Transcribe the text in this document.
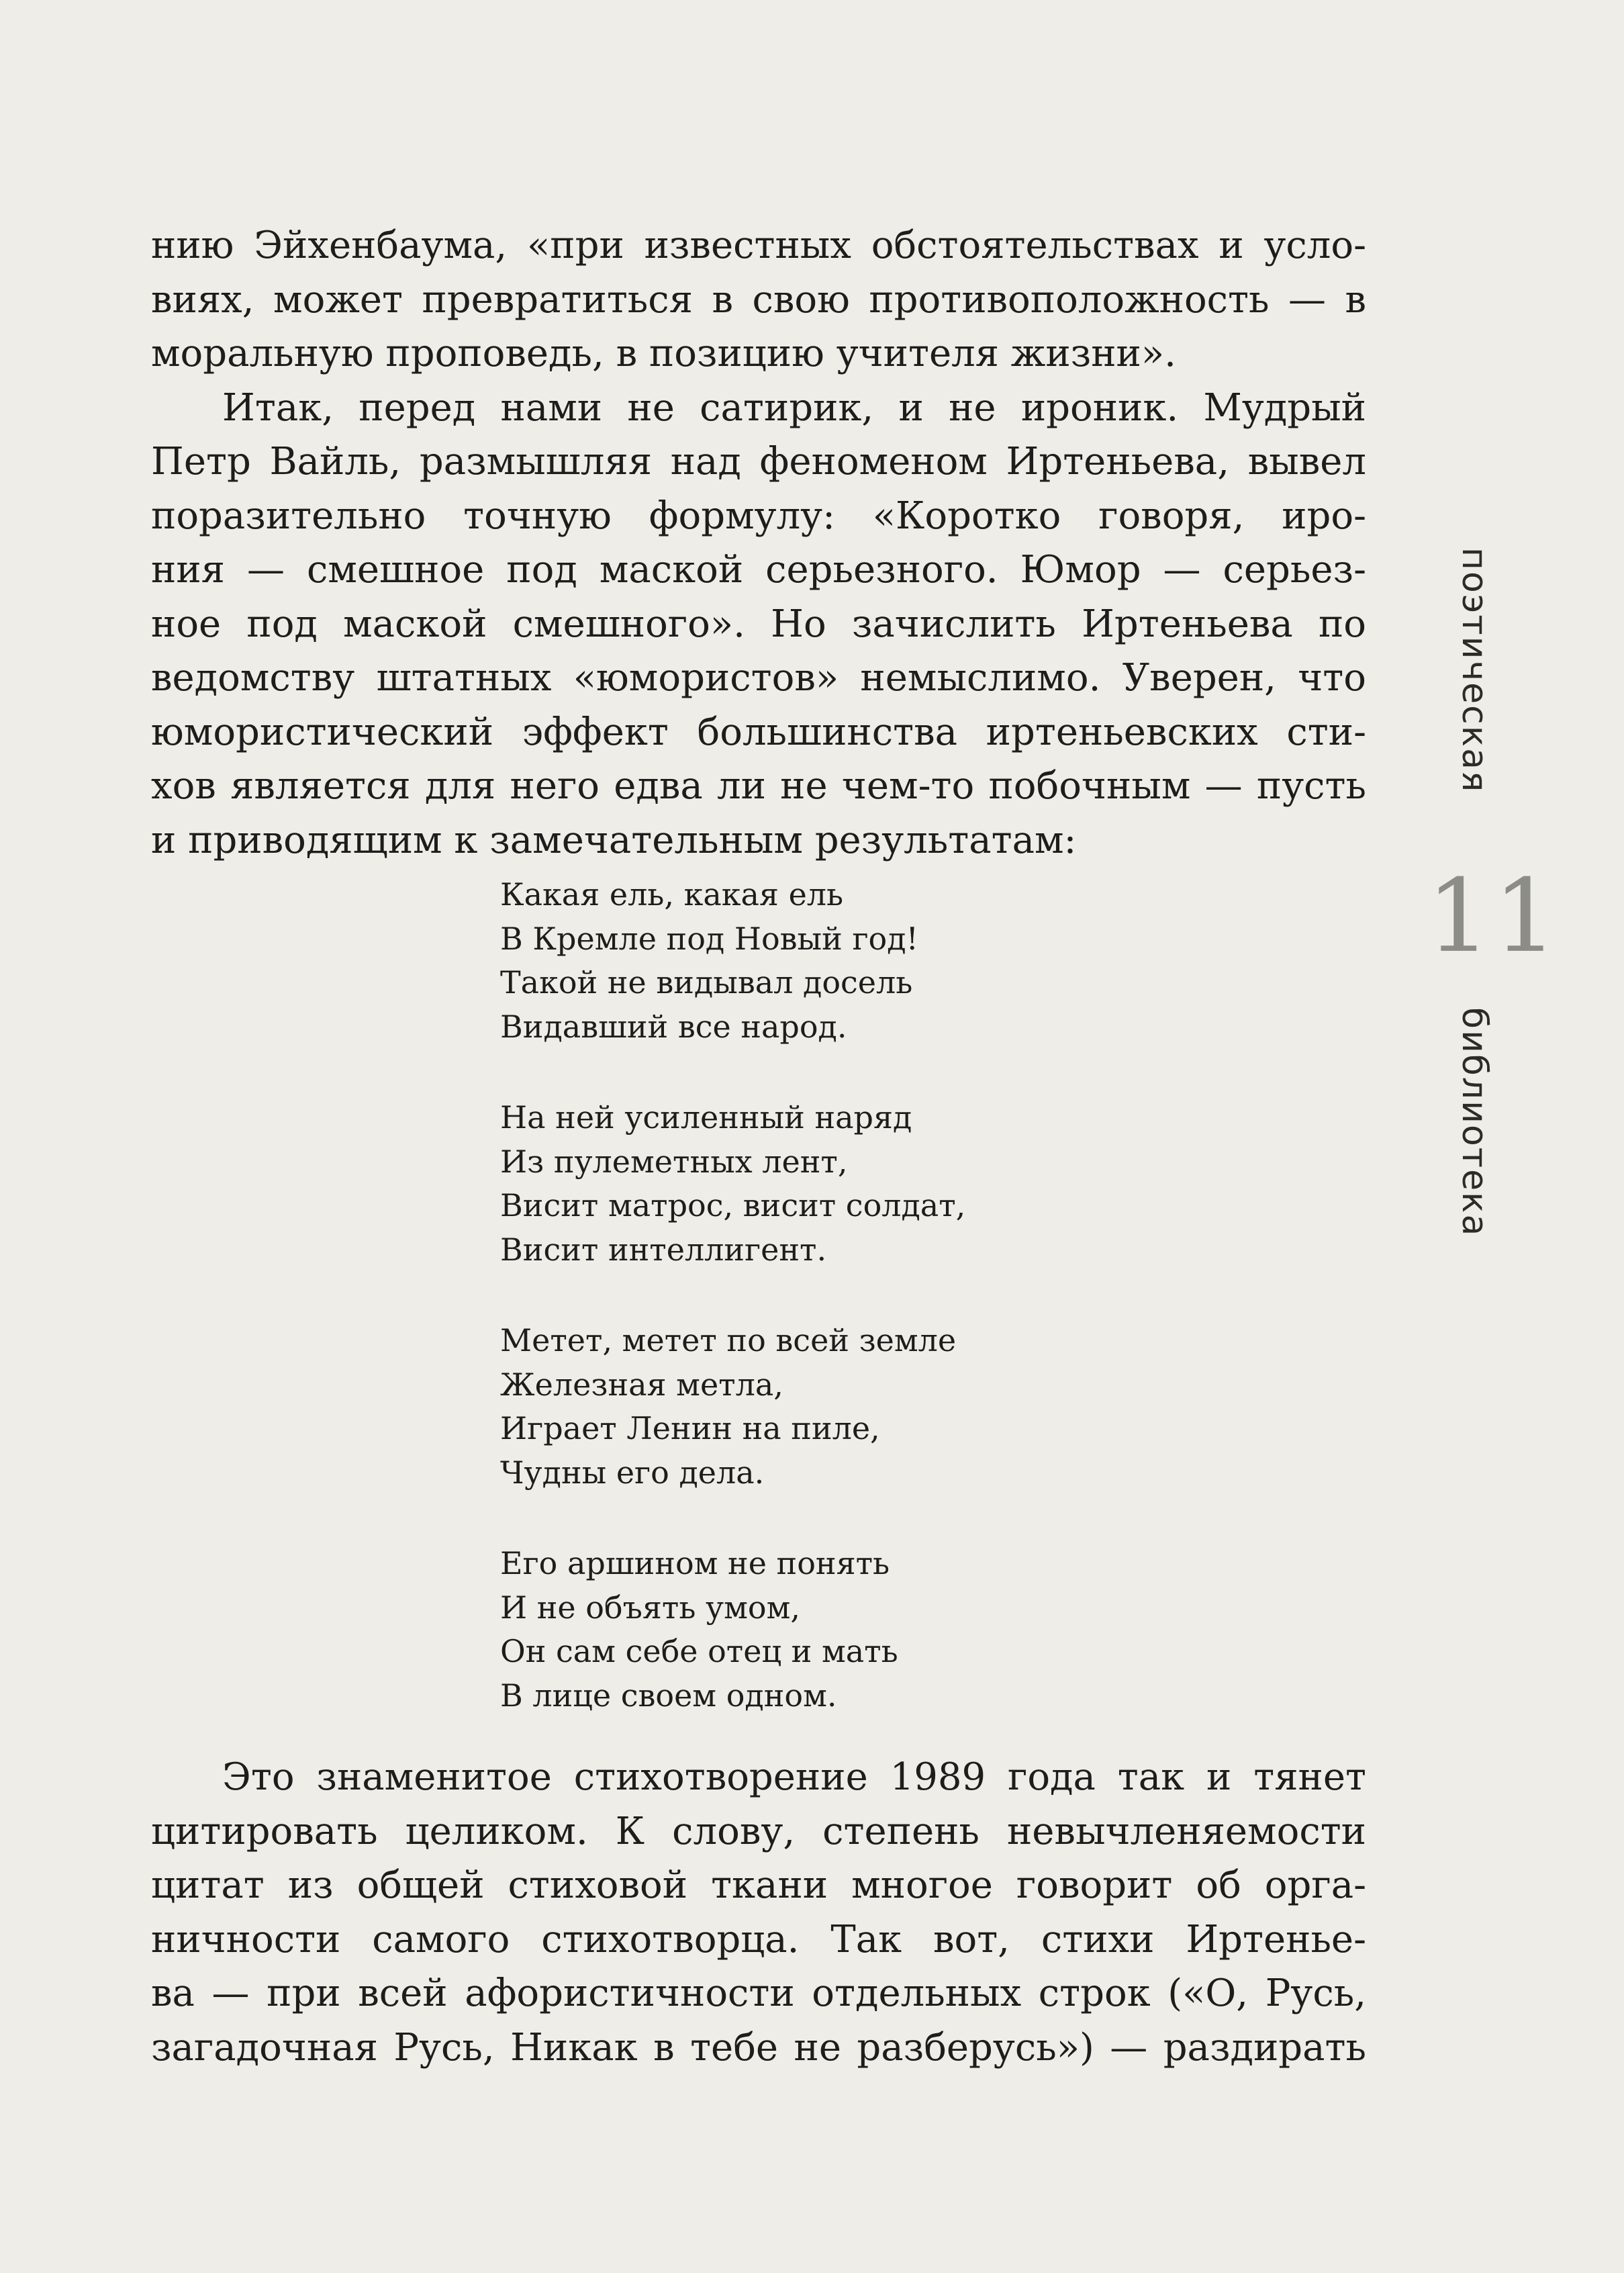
нию Эйхенбаума, «при известных обстоятельствах и усло-
виях, может превратиться в свою противоположность — в
моральную проповедь, в позицию учителя жизни».

Итак, перед нами не сатирик, и не ироник. Мудрый
Петр Вайль, размышляя над феноменом Иртеньева, вывел
поразительно точную формулу: «Коротко говоря, иро-
ния — смешное под маской серьезного. Юмор — серьез-
ное под маской смешного». Но зачислить Иртеньева по
ведомству штатных «юмористов» немыслимо. Уверен, что
юмористический эффект большинства иртеньевских сти-
хов является для него едва ли не чем-то побочным — пусть
и приводящим к замечательным результатам:

Какая ель, какая ель
В Кремле под Новый год!
Такой не видывал досель
Видавший все народ.
На ней усиленный наряд
Из пулеметных лент,
Висит матрос, висит солдат,
Висит интеллигент.
Метет, метет по всей земле
Железная метла,
Играет Ленин на пиле,
Чудны его дела.
Его аршином не понять
И не объять умом,
Он сам себе отец и мать
В лице своем одном.

Это знаменитое стихотворение 1989 года так и тянет
цитировать целиком. К слову, степень невычленяемости
цитат из общей стиховой ткани многое говорит об орга-
ничности самого стихотворца. Так вот, стихи Иртенье-
ва — при всей афористичности отдельных строк («О, Русь,
загадочная Русь, Никак в тебе не разберусь») — раздирать

поэтическая
11
библиотека
